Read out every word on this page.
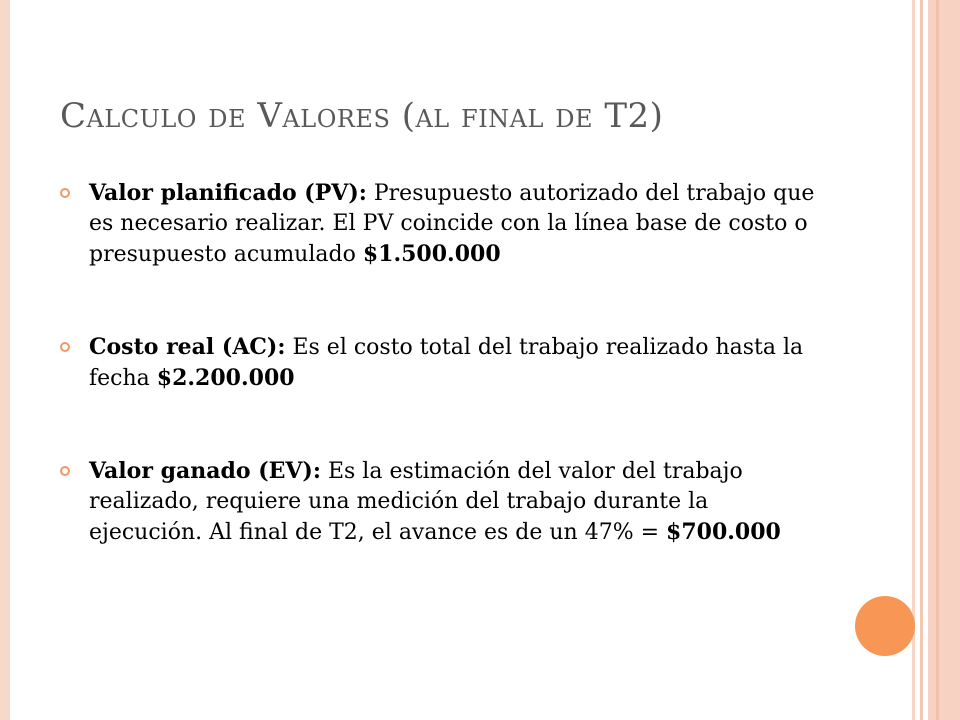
Calculo de Valores (al final de T2)
Valor planificado (PV): Presupuesto autorizado del trabajo que es necesario realizar. El PV coincide con la línea base de costo o presupuesto acumulado $1.500.000
Costo real (AC): Es el costo total del trabajo realizado hasta la fecha $2.200.000
Valor ganado (EV): Es la estimación del valor del trabajo realizado, requiere una medición del trabajo durante la ejecución. Al final de T2, el avance es de un 47% = $700.000
